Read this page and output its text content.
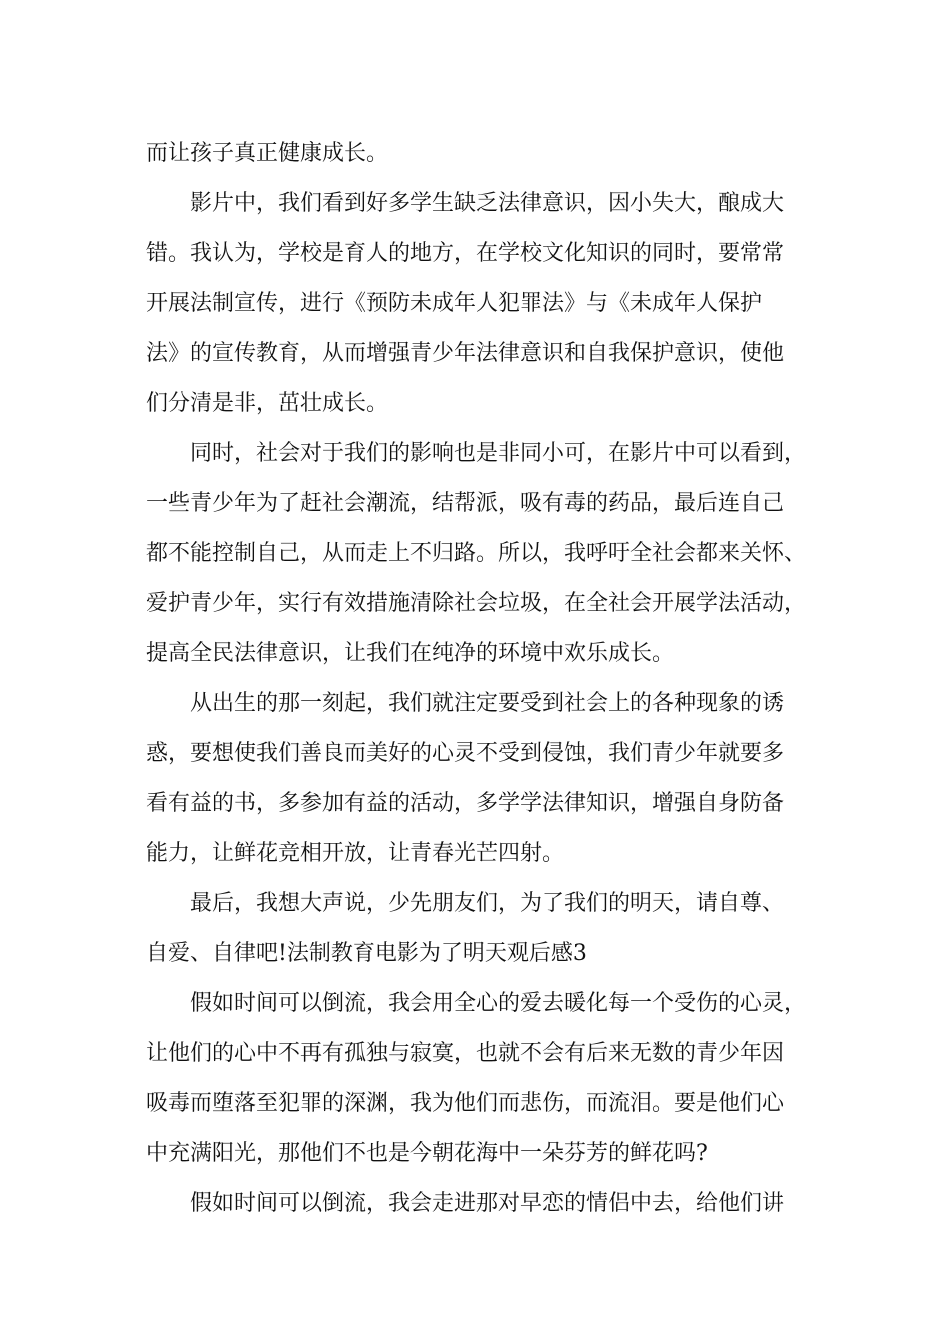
而让孩子真正健康成长。
影片中，我们看到好多学生缺乏法律意识，因小失大，酿成大
错。我认为，学校是育人的地方，在学校文化知识的同时，要常常
开展法制宣传，进行《预防未成年人犯罪法》与《未成年人保护
法》的宣传教育，从而增强青少年法律意识和自我保护意识，使他
们分清是非，茁壮成长。
同时，社会对于我们的影响也是非同小可，在影片中可以看到，
一些青少年为了赶社会潮流，结帮派，吸有毒的药品，最后连自己
都不能控制自己，从而走上不归路。所以，我呼吁全社会都来关怀、
爱护青少年，实行有效措施清除社会垃圾，在全社会开展学法活动，
提高全民法律意识，让我们在纯净的环境中欢乐成长。
从出生的那一刻起，我们就注定要受到社会上的各种现象的诱
惑，要想使我们善良而美好的心灵不受到侵蚀，我们青少年就要多
看有益的书，多参加有益的活动，多学学法律知识，增强自身防备
能力，让鲜花竞相开放，让青春光芒四射。
最后，我想大声说，少先朋友们，为了我们的明天，请自尊、
自爱、自律吧!法制教育电影为了明天观后感3
假如时间可以倒流，我会用全心的爱去暖化每一个受伤的心灵，
让他们的心中不再有孤独与寂寞，也就不会有后来无数的青少年因
吸毒而堕落至犯罪的深渊，我为他们而悲伤，而流泪。要是他们心
中充满阳光，那他们不也是今朝花海中一朵芬芳的鲜花吗?
假如时间可以倒流，我会走进那对早恋的情侣中去，给他们讲
